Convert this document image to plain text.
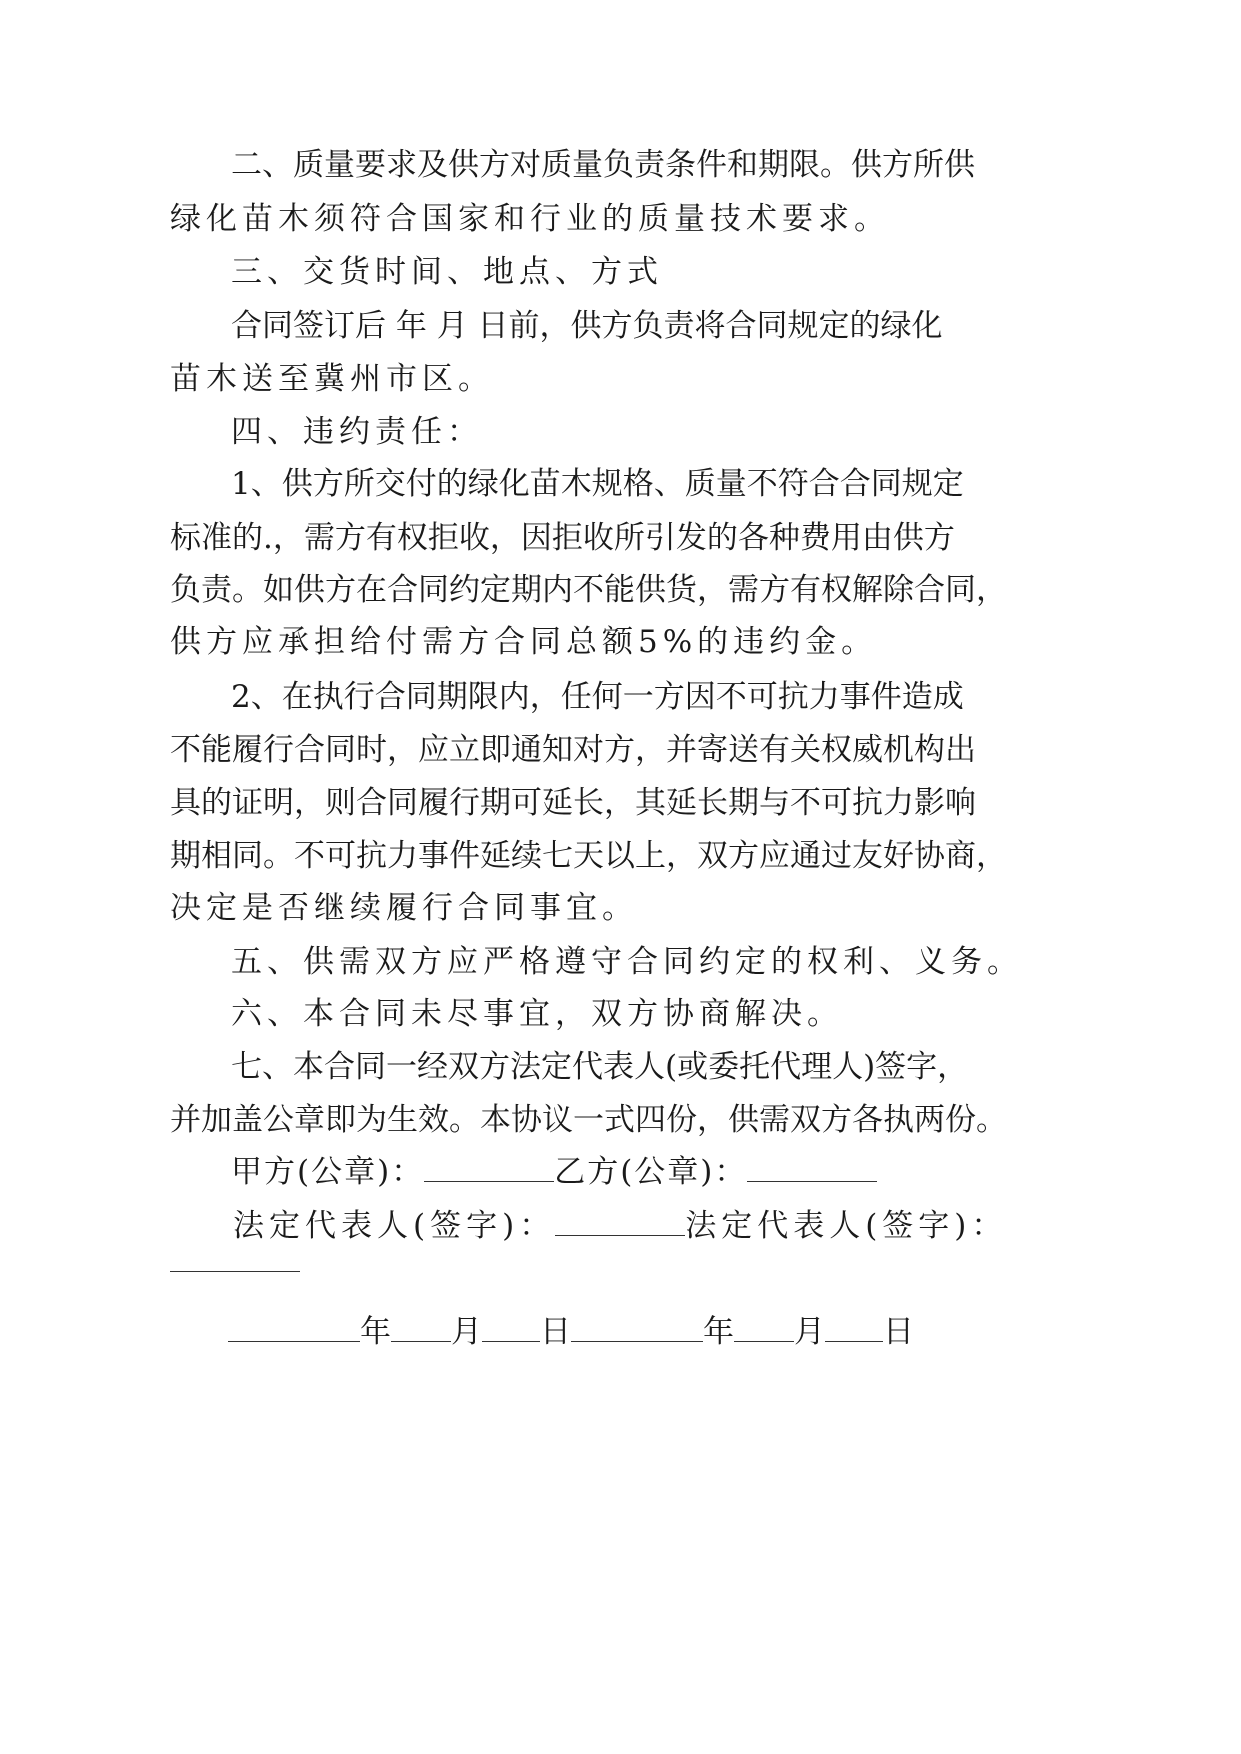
二、质量要求及供方对质量负责条件和期限。供方所供
绿化苗木须符合国家和行业的质量技术要求。
三、交货时间、地点、方式
合同签订后 年 月 日前，供方负责将合同规定的绿化
苗木送至冀州市区。
四、违约责任：
1、供方所交付的绿化苗木规格、质量不符合合同规定
标准的.，需方有权拒收，因拒收所引发的各种费用由供方
负责。如供方在合同约定期内不能供货，需方有权解除合同，
供方应承担给付需方合同总额5%的违约金。
2、在执行合同期限内，任何一方因不可抗力事件造成
不能履行合同时，应立即通知对方，并寄送有关权威机构出
具的证明，则合同履行期可延长，其延长期与不可抗力影响
期相同。不可抗力事件延续七天以上，双方应通过友好协商，
决定是否继续履行合同事宜。
五、供需双方应严格遵守合同约定的权利、义务。
六、本合同未尽事宜，双方协商解决。
七、本合同一经双方法定代表人(或委托代理人)签字，
并加盖公章即为生效。本协议一式四份，供需双方各执两份。
甲方(公章)：	乙方(公章)：
法定代表人(签字)：	法定代表人(签字)：
年 月 日	年 月 日
